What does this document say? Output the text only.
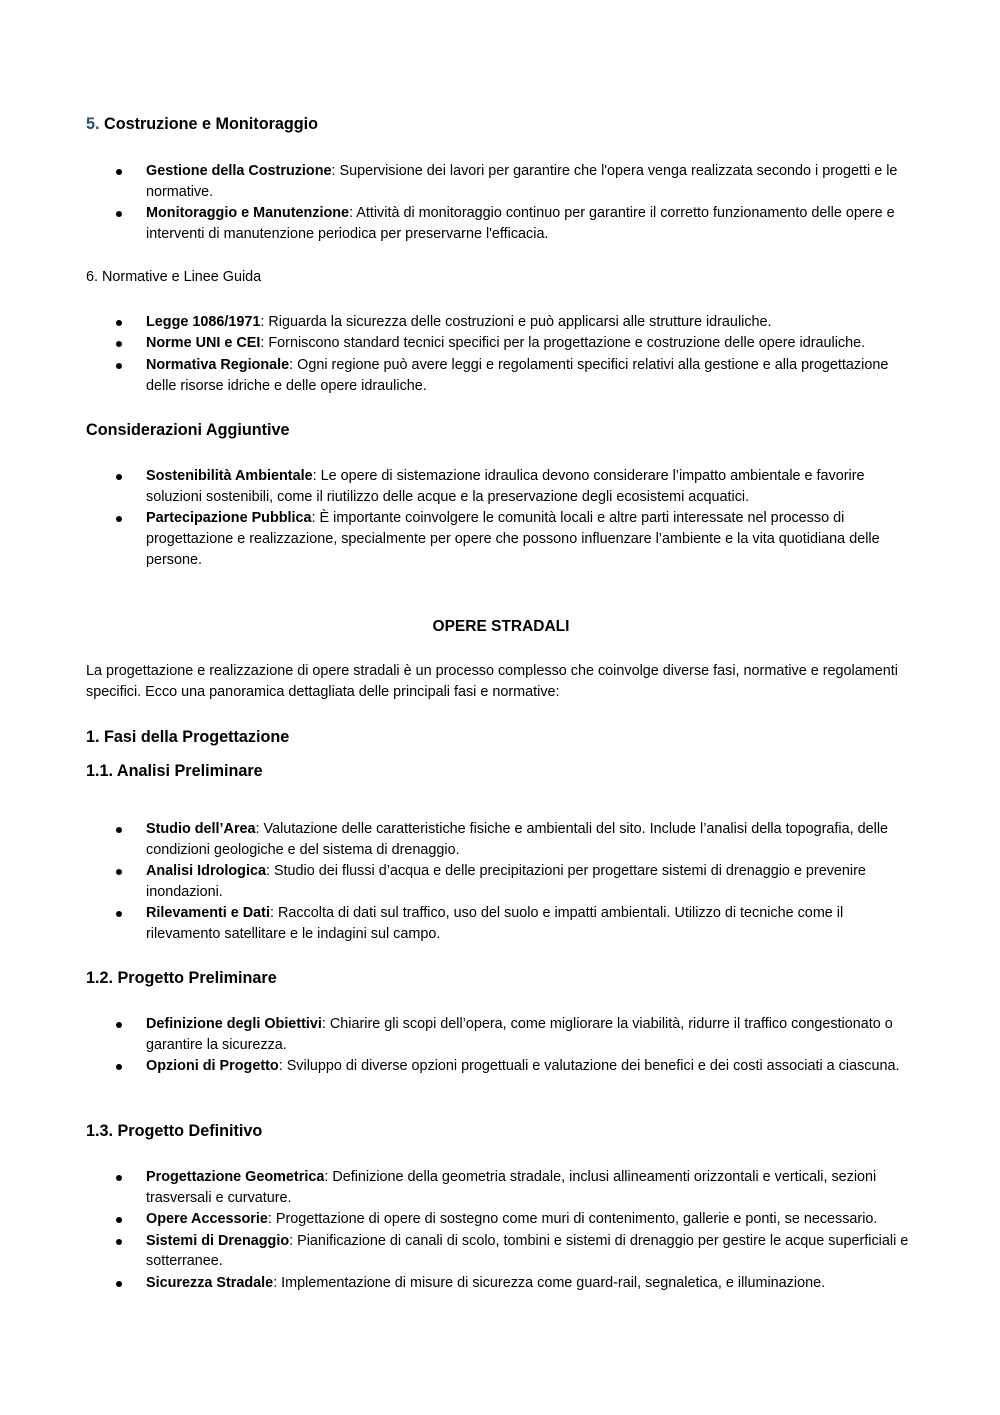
5. Costruzione e Monitoraggio
Gestione della Costruzione: Supervisione dei lavori per garantire che l'opera venga realizzata secondo i progetti e le normative.
Monitoraggio e Manutenzione: Attività di monitoraggio continuo per garantire il corretto funzionamento delle opere e interventi di manutenzione periodica per preservarne l'efficacia.
6. Normative e Linee Guida
Legge 1086/1971: Riguarda la sicurezza delle costruzioni e può applicarsi alle strutture idrauliche.
Norme UNI e CEI: Forniscono standard tecnici specifici per la progettazione e costruzione delle opere idrauliche.
Normativa Regionale: Ogni regione può avere leggi e regolamenti specifici relativi alla gestione e alla progettazione delle risorse idriche e delle opere idrauliche.
Considerazioni Aggiuntive
Sostenibilità Ambientale: Le opere di sistemazione idraulica devono considerare l’impatto ambientale e favorire soluzioni sostenibili, come il riutilizzo delle acque e la preservazione degli ecosistemi acquatici.
Partecipazione Pubblica: È importante coinvolgere le comunità locali e altre parti interessate nel processo di progettazione e realizzazione, specialmente per opere che possono influenzare l’ambiente e la vita quotidiana delle persone.
OPERE STRADALI
La progettazione e realizzazione di opere stradali è un processo complesso che coinvolge diverse fasi, normative e regolamenti specifici. Ecco una panoramica dettagliata delle principali fasi e normative:
1. Fasi della Progettazione
1.1. Analisi Preliminare
Studio dell’Area: Valutazione delle caratteristiche fisiche e ambientali del sito. Include l’analisi della topografia, delle condizioni geologiche e del sistema di drenaggio.
Analisi Idrologica: Studio dei flussi d’acqua e delle precipitazioni per progettare sistemi di drenaggio e prevenire inondazioni.
Rilevamenti e Dati: Raccolta di dati sul traffico, uso del suolo e impatti ambientali. Utilizzo di tecniche come il rilevamento satellitare e le indagini sul campo.
1.2. Progetto Preliminare
Definizione degli Obiettivi: Chiarire gli scopi dell’opera, come migliorare la viabilità, ridurre il traffico congestionato o garantire la sicurezza.
Opzioni di Progetto: Sviluppo di diverse opzioni progettuali e valutazione dei benefici e dei costi associati a ciascuna.
1.3. Progetto Definitivo
Progettazione Geometrica: Definizione della geometria stradale, inclusi allineamenti orizzontali e verticali, sezioni trasversali e curvature.
Opere Accessorie: Progettazione di opere di sostegno come muri di contenimento, gallerie e ponti, se necessario.
Sistemi di Drenaggio: Pianificazione di canali di scolo, tombini e sistemi di drenaggio per gestire le acque superficiali e sotterranee.
Sicurezza Stradale: Implementazione di misure di sicurezza come guard-rail, segnaletica, e illuminazione.
